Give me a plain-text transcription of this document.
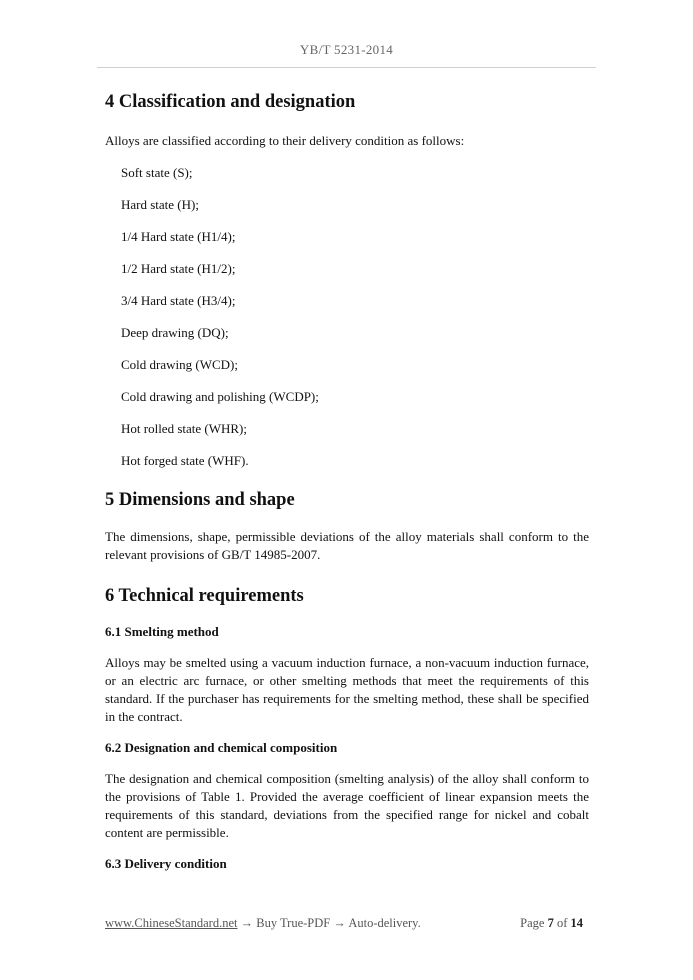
YB/T 5231-2014
4 Classification and designation

Alloys are classified according to their delivery condition as follows:

Soft state (S);
Hard state (H);
1/4 Hard state (H1/4);
1/2 Hard state (H1/2);
3/4 Hard state (H3/4);
Deep drawing (DQ);
Cold drawing (WCD);
Cold drawing and polishing (WCDP);
Hot rolled state (WHR);
Hot forged state (WHF).
5 Dimensions and shape

The dimensions, shape, permissible deviations of the alloy materials shall conform to the relevant provisions of GB/T 14985-2007.

6 Technical requirements
6.1 Smelting method

Alloys may be smelted using a vacuum induction furnace, a non-vacuum induction furnace, or an electric arc furnace, or other smelting methods that meet the requirements of this standard. If the purchaser has requirements for the smelting method, these shall be specified in the contract.

6.2 Designation and chemical composition

The designation and chemical composition (smelting analysis) of the alloy shall conform to the provisions of Table 1. Provided the average coefficient of linear expansion meets the requirements of this standard, deviations from the specified range for nickel and cobalt content are permissible.

6.3 Delivery condition
www.ChineseStandard.net → Buy True-PDF → Auto-delivery.	Page 7 of 14
